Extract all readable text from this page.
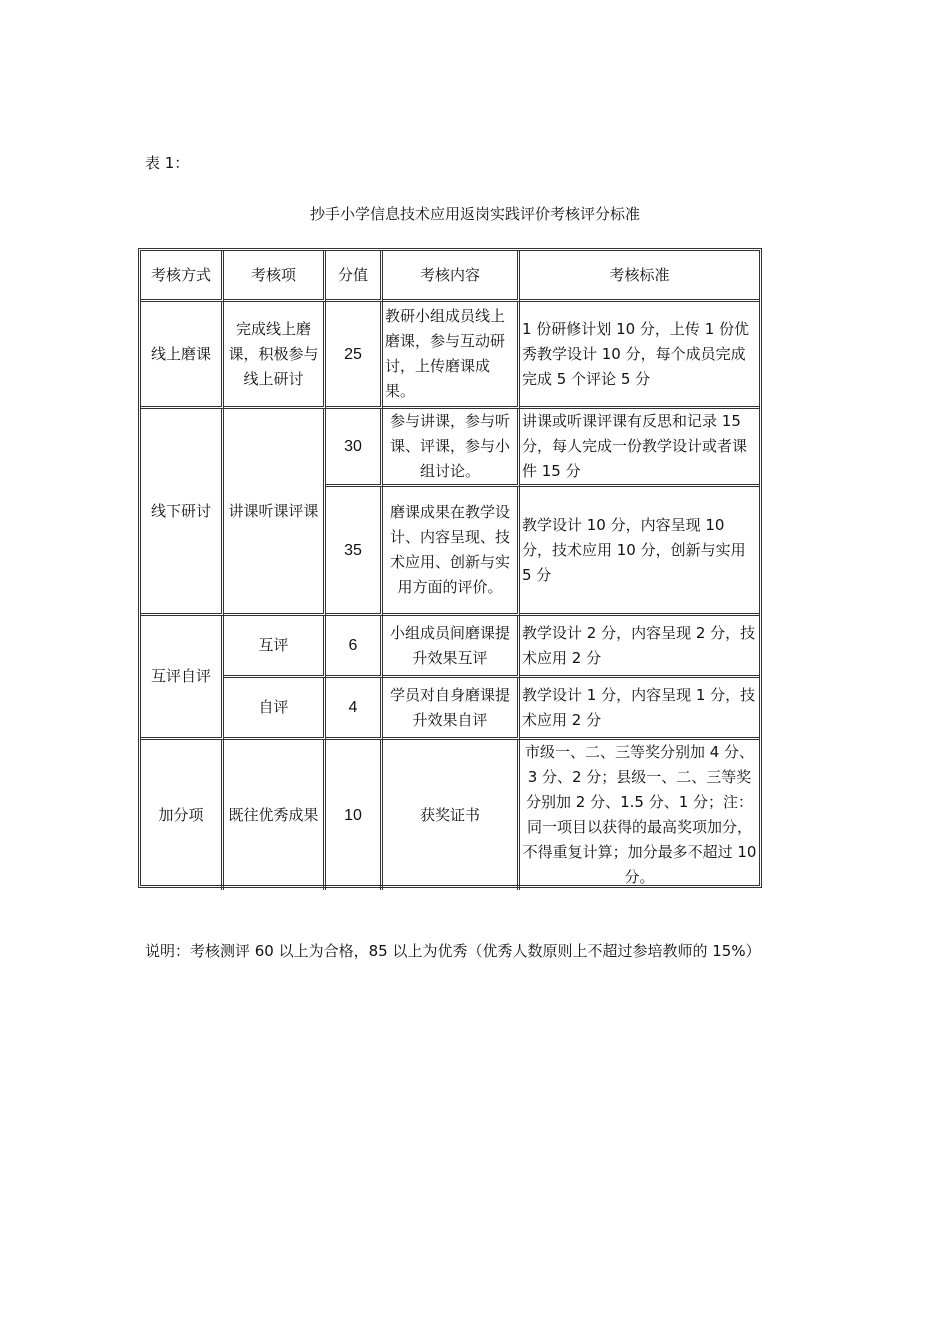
表 1：
抄手小学信息技术应用返岗实践评价考核评分标准
考核方式	考核项	分值	考核内容	考核标准
线上磨课	完成线上磨课，积极参与线上研讨	25	教研小组成员线上磨课，参与互动研讨，上传磨课成果。	1 份研修计划 10 分，上传 1 份优秀教学设计 10 分，每个成员完成完成 5 个评论 5 分
线下研讨	讲课听课评课	30	参与讲课，参与听课、评课，参与小组讨论。	讲课或听课评课有反思和记录 15 分，每人完成一份教学设计或者课件 15 分
		35	磨课成果在教学设计、内容呈现、技术应用、创新与实用方面的评价。	教学设计 10 分，内容呈现 10 分，技术应用 10 分，创新与实用 5 分
互评自评	互评	6	小组成员间磨课提升效果互评	教学设计 2 分，内容呈现 2 分，技术应用 2 分
	自评	4	学员对自身磨课提升效果自评	教学设计 1 分，内容呈现 1 分，技术应用 2 分
加分项	既往优秀成果	10	获奖证书	市级一、二、三等奖分别加 4 分、3 分、2 分；县级一、二、三等奖分别加 2 分、1.5 分、1 分；注：同一项目以获得的最高奖项加分，不得重复计算；加分最多不超过 10 分。
说明：考核测评 60 以上为合格，85 以上为优秀（优秀人数原则上不超过参培教师的 15%）
